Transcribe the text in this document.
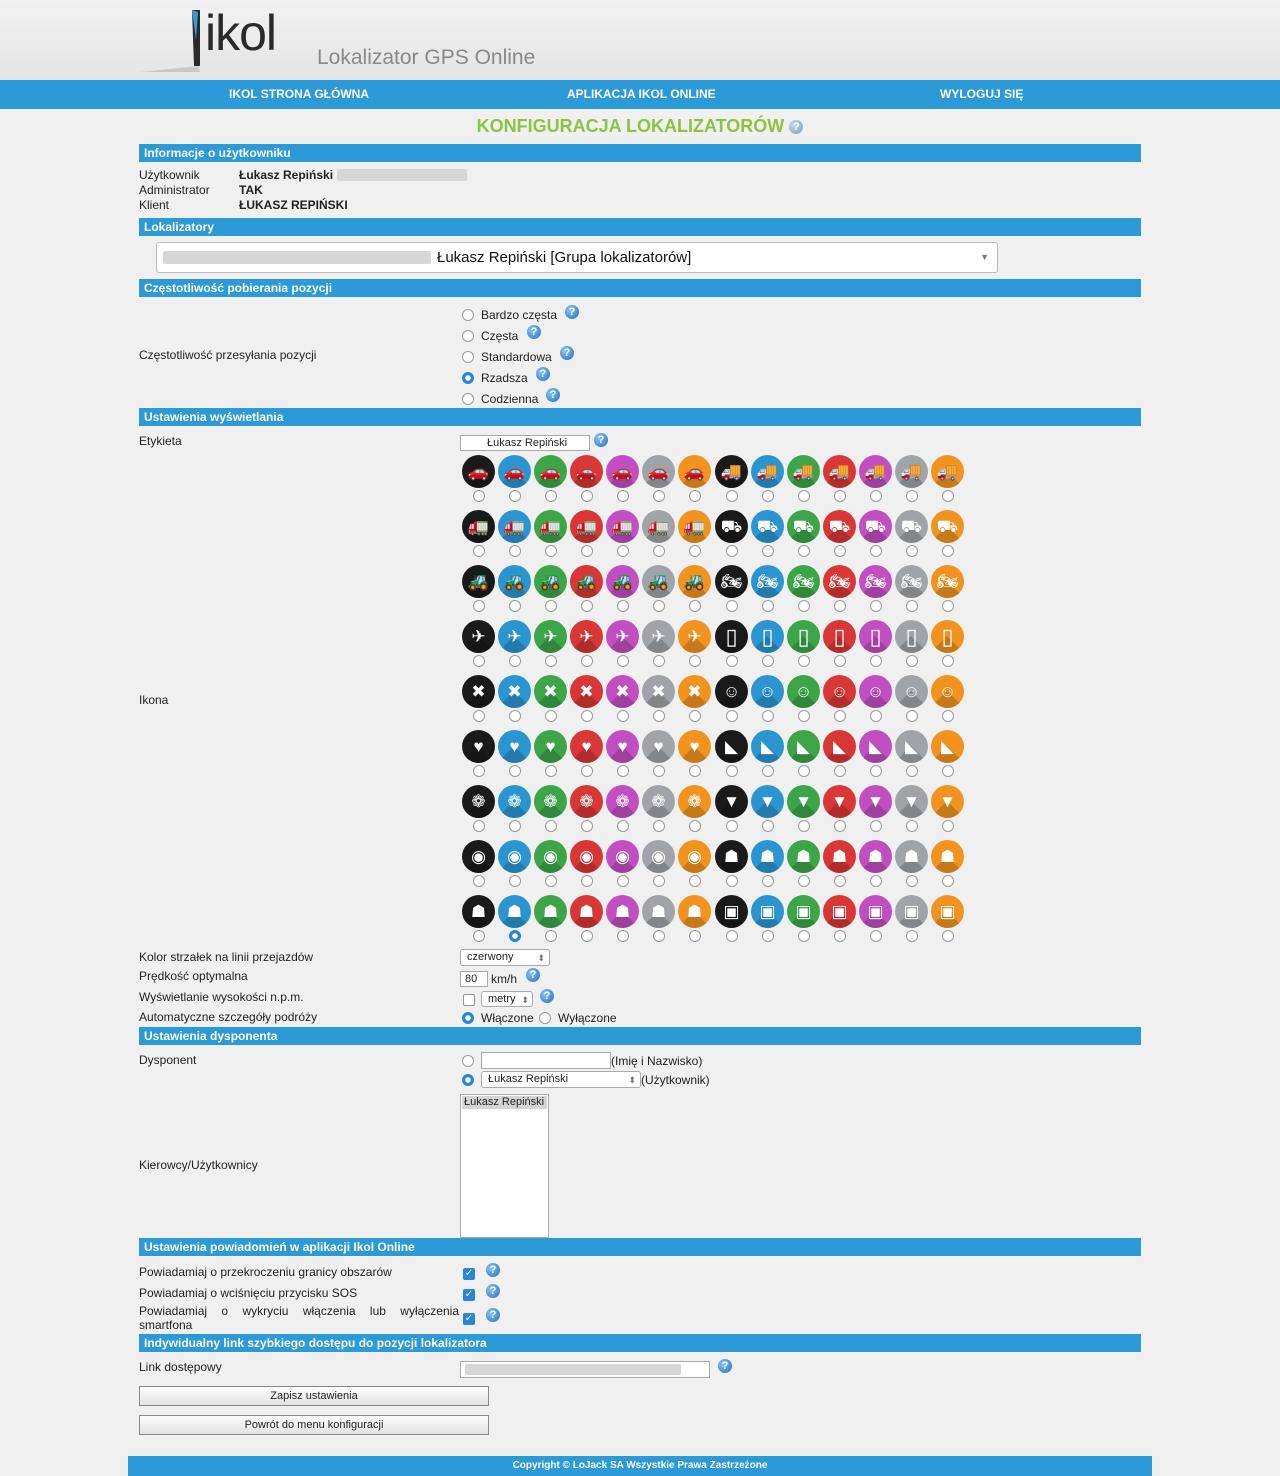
ikol Lokalizator GPS Online
IKOL STRONA GŁÓWNA	APLIKACJA IKOL ONLINE	WYLOGUJ SIĘ
KONFIGURACJA LOKALIZATORÓW ?
Informacje o użytkowniku
Użytkownik	Łukasz Repiński
Administrator TAK
Klient	ŁUKASZ REPIŃSKI
Lokalizatory
Łukasz Repiński [Grupa lokalizatorów]	▼
Częstotliwość pobierania pozycji
Częstotliwość przesyłania pozycji
Bardzo częsta	?
Częsta	?
Standardowa	?
Rzadsza	?
Codzienna	?
Ustawienia wyświetlania
Etykieta	Łukasz Repiński	?
Ikona
🚗 🚗 🚗 🚗 🚗 🚗 🚗 🚚 🚚 🚚 🚚 🚚 🚚 🚚
🚛 🚛 🚛 🚛 🚛 🚛 🚛 ⛟ ⛟ ⛟ ⛟ ⛟ ⛟ ⛟
🚜 🚜 🚜 🚜 🚜 🚜 🚜 🏍 🏍 🏍 🏍 🏍 🏍 🏍
✈	✈	✈	✈	✈	✈	✈	▯	▯	▯	▯	▯	▯	▯
✖	✖	✖	✖	✖	✖	✖	☺	☺	☺	☺	☺	☺	☺
♥	♥	♥	♥	♥	♥	♥	◣	◣	◣	◣	◣	◣	◣
❁	❁	❁	❁	❁	❁	❁	▼	▼	▼	▼	▼	▼	▼
◉	◉	◉	◉	◉	◉	◉	☗	☗	☗	☗	☗	☗	☗
☗	☗	☗	☗	☗	☗	☗	▣	▣	▣	▣	▣	▣	▣
Kolor strzałek na linii przejazdów	czerwony	⬍
Prędkość optymalna	80	km/h	?
Wyświetlanie wysokości n.p.m.	metry ⬍	?
Automatyczne szczegóły podróży	Włączone Wyłączone
Ustawienia dysponenta
Dysponent	(Imię i Nazwisko)
Łukasz Repiński	⬍ (Użytkownik)
Kierowcy/Użytkownicy
Łukasz Repiński
Ustawienia powiadomień w aplikacji Ikol Online
Powiadamiaj o przekroczeniu granicy obszarów	✓	?
Powiadamiaj o wciśnięciu przycisku SOS	✓	?
Powiadamiaj o wykryciu włączenia lub wyłączenia smartfona	✓	?
Indywidualny link szybkiego dostępu do pozycji lokalizatora
Link dostępowy	?
Zapisz ustawienia
Powrót do menu konfiguracji
Copyright © LoJack SA Wszystkie Prawa Zastrzeżone
